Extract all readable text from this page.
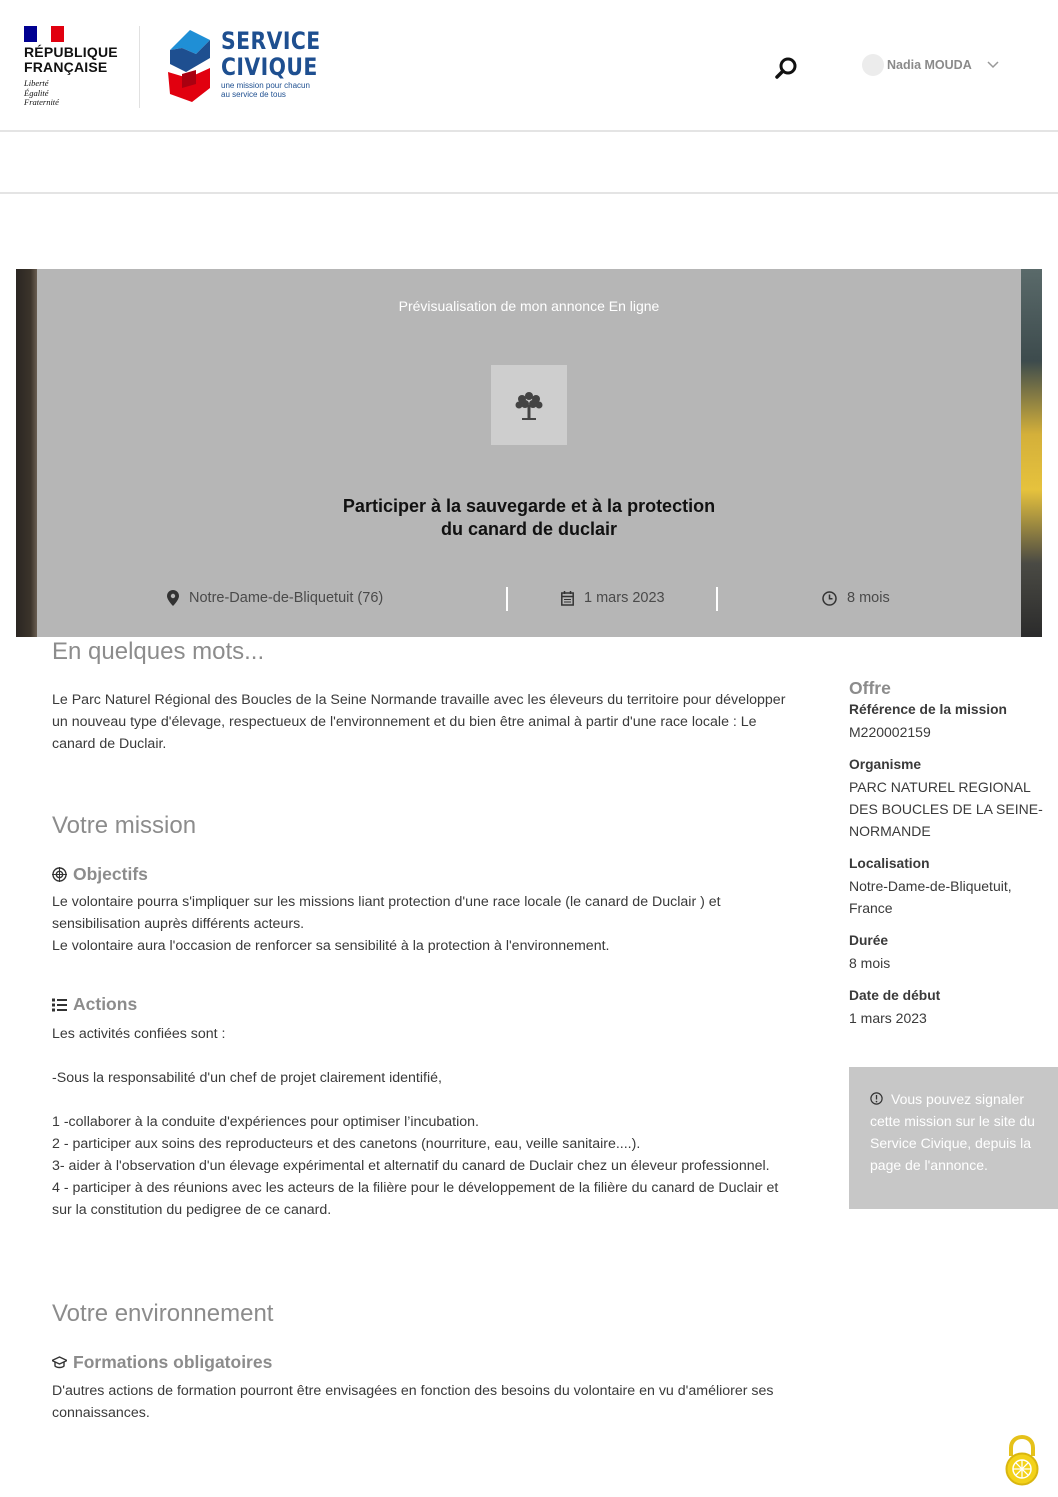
RÉPUBLIQUE
FRANÇAISE
Liberté
Égalité
Fraternité
SERVICE
CIVIQUE
une mission pour chacun
au service de tous
Nadia MOUDA
Prévisualisation de mon annonce En ligne
Participer à la sauvegarde et à la protection
du canard de duclair
Notre-Dame-de-Bliquetuit (76)	1 mars 2023	8 mois
En quelques mots...

Le Parc Naturel Régional des Boucles de la Seine Normande travaille avec les éleveurs du territoire pour développer un nouveau type d'élevage, respectueux de l'environnement et du bien être animal à partir d'une race locale : Le canard de Duclair.

Votre mission
Objectifs
Le volontaire pourra s'impliquer sur les missions liant protection d'une race locale (le canard de Duclair ) et sensibilisation auprès différents acteurs.
Le volontaire aura l'occasion de renforcer sa sensibilité à la protection à l'environnement.
Actions
Les activités confiées sont :
-Sous la responsabilité d'un chef de projet clairement identifié,
1 -collaborer à la conduite d'expériences pour optimiser l’incubation.
2 - participer aux soins des reproducteurs et des canetons (nourriture, eau, veille sanitaire....).
3- aider à l'observation d'un élevage expérimental et alternatif du canard de Duclair chez un éleveur professionnel.
4 - participer à des réunions avec les acteurs de la filière pour le développement de la filière du canard de Duclair et sur la constitution du pedigree de ce canard.
Votre environnement
Formations obligatoires

D'autres actions de formation pourront être envisagées en fonction des besoins du volontaire en vu d'améliorer ses connaissances.

Offre
Référence de la mission
M220002159
Organisme
PARC NATUREL REGIONAL DES BOUCLES DE LA SEINE-NORMANDE
Localisation
Notre-Dame-de-Bliquetuit, France
Durée
8 mois
Date de début
1 mars 2023
Vous pouvez signaler cette mission sur le site du Service Civique, depuis la page de l'annonce.
